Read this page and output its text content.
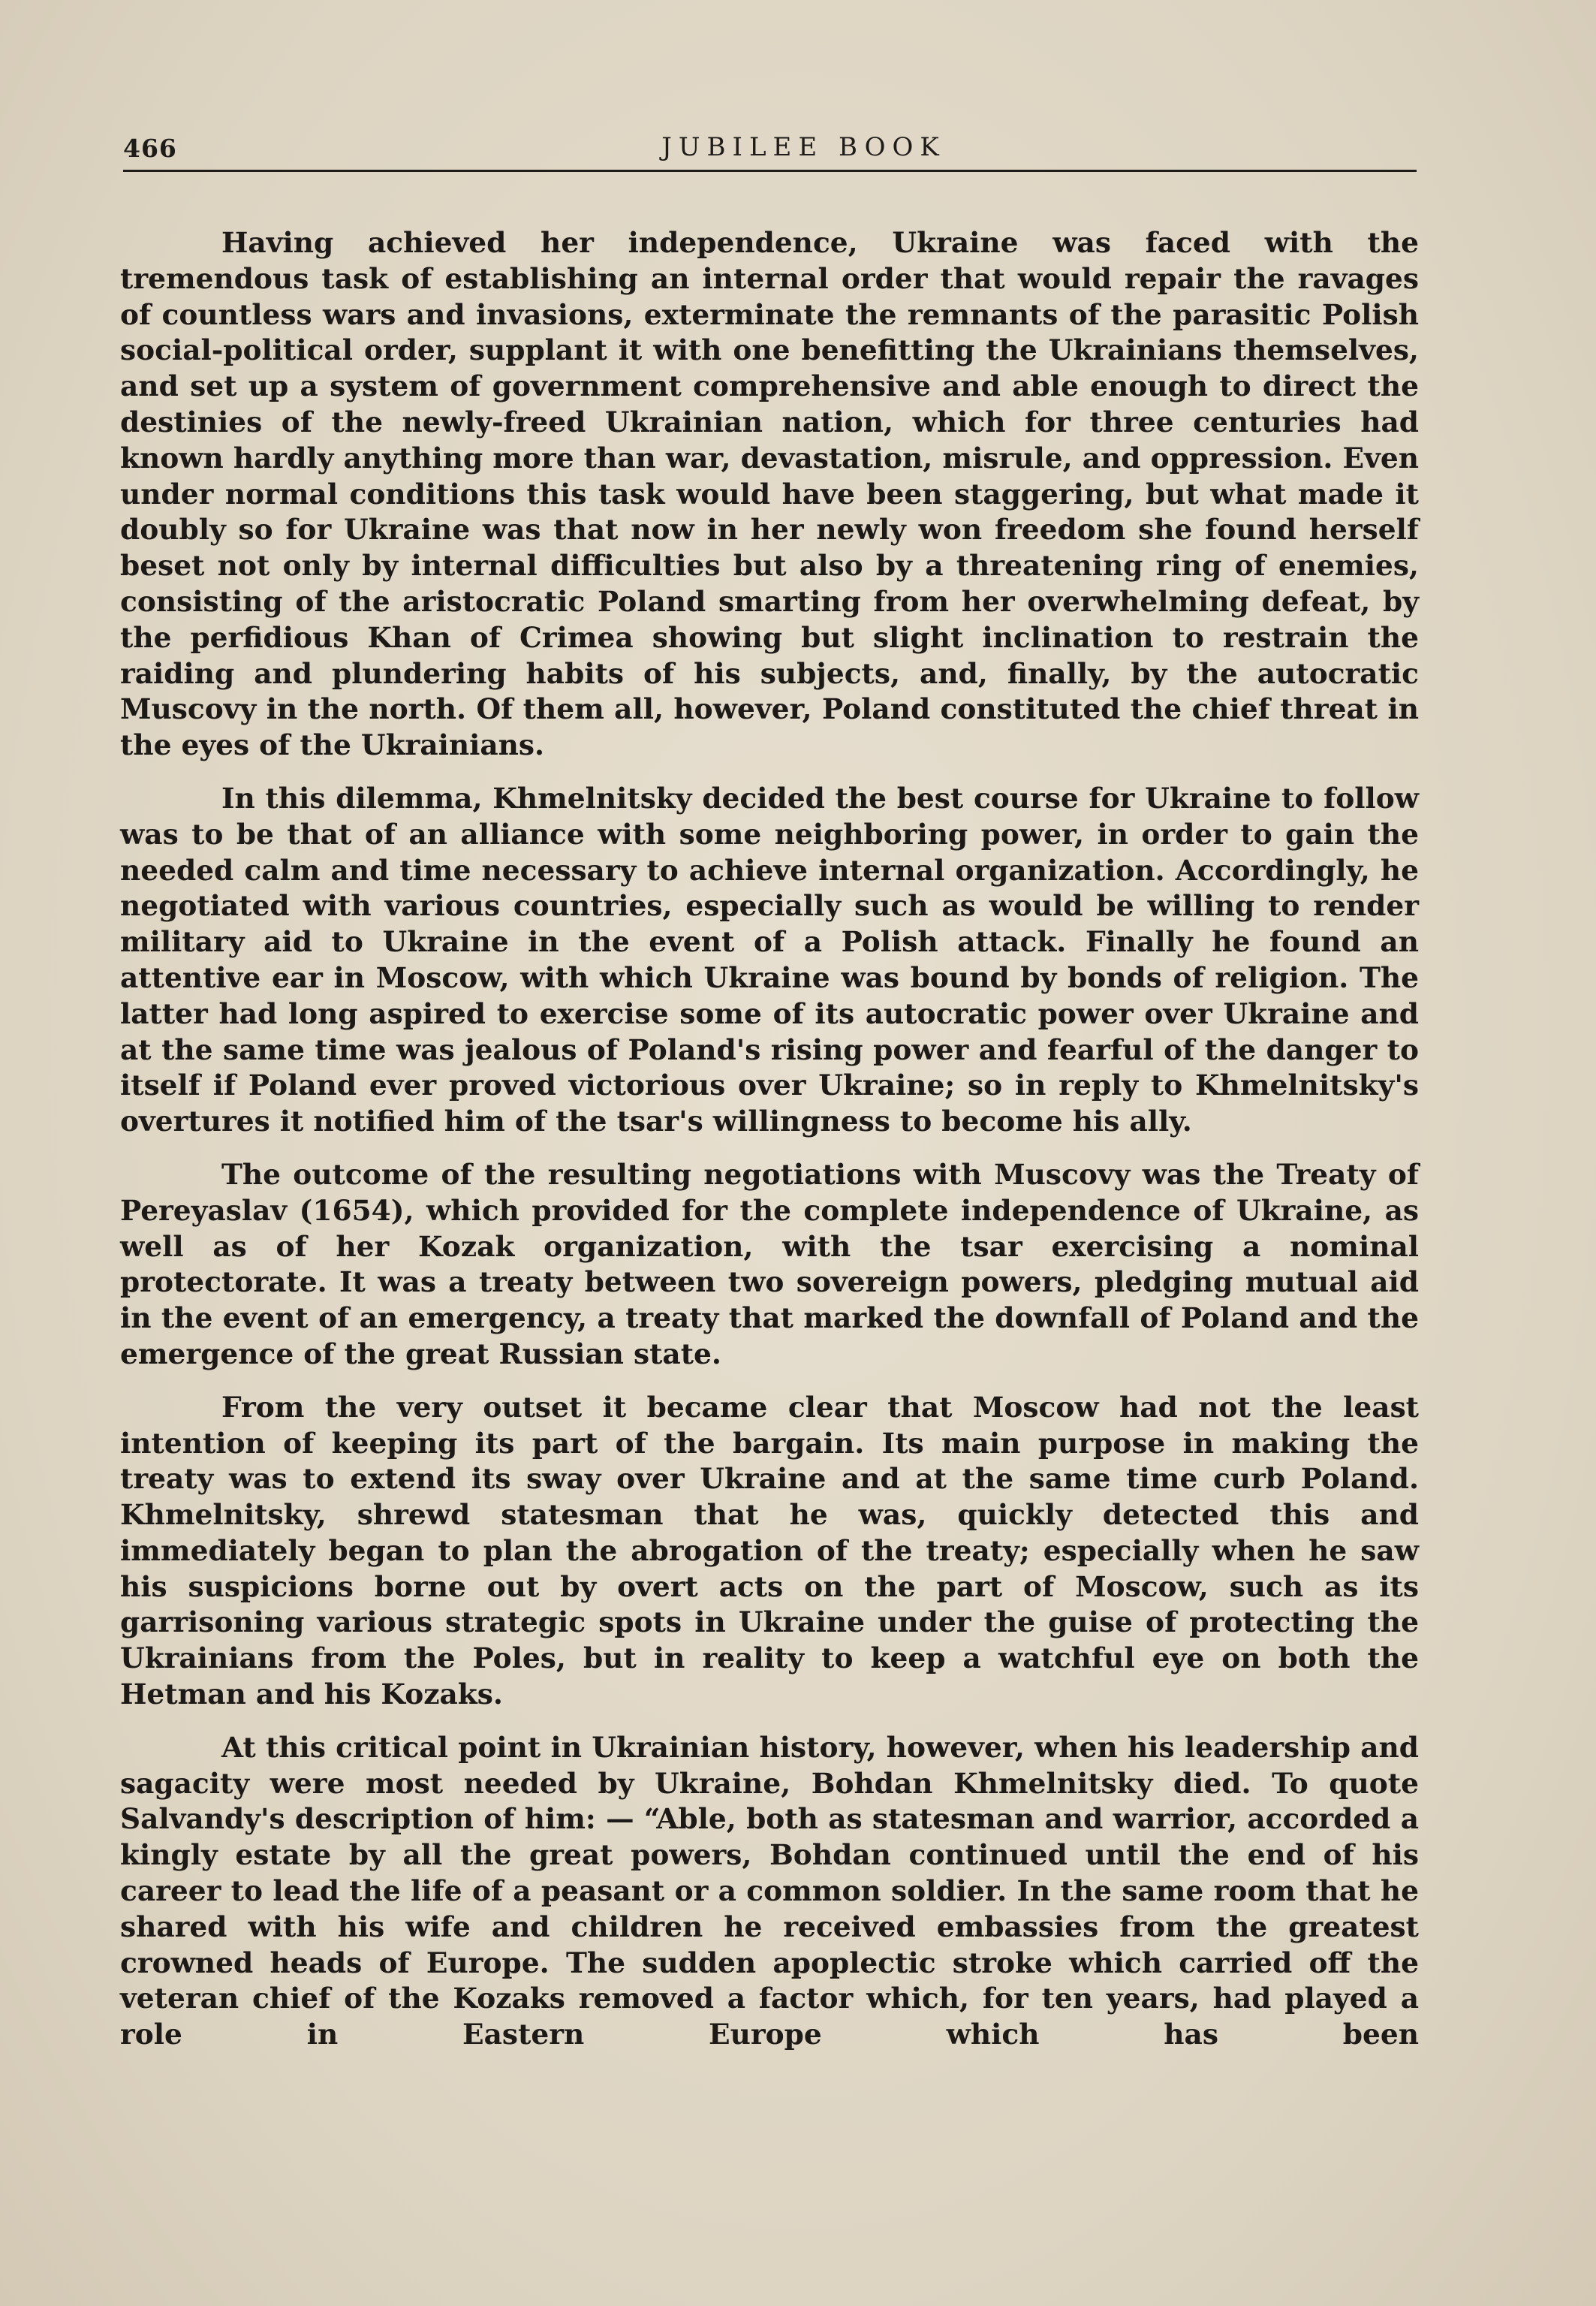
466	JUBILEE BOOK

Having achieved her independence, Ukraine was faced with the tremendous task of establishing an internal order that would repair the ravages of countless wars and invasions, exterminate the remnants of the parasitic Polish social-political order, supplant it with one benefitting the Ukrainians themselves, and set up a system of government comprehensive and able enough to direct the destinies of the newly-freed Ukrainian nation, which for three centuries had known hardly anything more than war, devastation, misrule, and oppression. Even under normal conditions this task would have been staggering, but what made it doubly so for Ukraine was that now in her newly won freedom she found herself beset not only by internal difficulties but also by a threatening ring of enemies, consisting of the aristocratic Poland smarting from her overwhelming defeat, by the perfidious Khan of Crimea showing but slight inclination to restrain the raiding and plundering habits of his subjects, and, finally, by the autocratic Muscovy in the north. Of them all, however, Poland constituted the chief threat in the eyes of the Ukrainians.

In this dilemma, Khmelnitsky decided the best course for Ukraine to follow was to be that of an alliance with some neighboring power, in order to gain the needed calm and time necessary to achieve internal organization. Accordingly, he negotiated with various countries, especially such as would be willing to render military aid to Ukraine in the event of a Polish attack. Finally he found an attentive ear in Moscow, with which Ukraine was bound by bonds of religion. The latter had long aspired to exercise some of its autocratic power over Ukraine and at the same time was jealous of Poland's rising power and fearful of the danger to itself if Poland ever proved victorious over Ukraine; so in reply to Khmelnitsky's overtures it notified him of the tsar's willingness to become his ally.

The outcome of the resulting negotiations with Muscovy was the Treaty of Pereyaslav (1654), which provided for the complete independence of Ukraine, as well as of her Kozak organization, with the tsar exercising a nominal protectorate. It was a treaty between two sovereign powers, pledging mutual aid in the event of an emergency, a treaty that marked the downfall of Poland and the emergence of the great Russian state.

From the very outset it became clear that Moscow had not the least intention of keeping its part of the bargain. Its main purpose in making the treaty was to extend its sway over Ukraine and at the same time curb Poland. Khmelnitsky, shrewd statesman that he was, quickly detected this and immediately began to plan the abrogation of the treaty; especially when he saw his suspicions borne out by overt acts on the part of Moscow, such as its garrisoning various strategic spots in Ukraine under the guise of protecting the Ukrainians from the Poles, but in reality to keep a watchful eye on both the Hetman and his Kozaks.

At this critical point in Ukrainian history, however, when his leadership and sagacity were most needed by Ukraine, Bohdan Khmelnitsky died. To quote Salvandy's description of him: — “Able, both as statesman and warrior, accorded a kingly estate by all the great powers, Bohdan continued until the end of his career to lead the life of a peasant or a common soldier. In the same room that he shared with his wife and children he received embassies from the greatest crowned heads of Europe. The sudden apoplectic stroke which carried off the veteran chief of the Kozaks removed a factor which, for ten years, had played a role in Eastern Europe which has been
